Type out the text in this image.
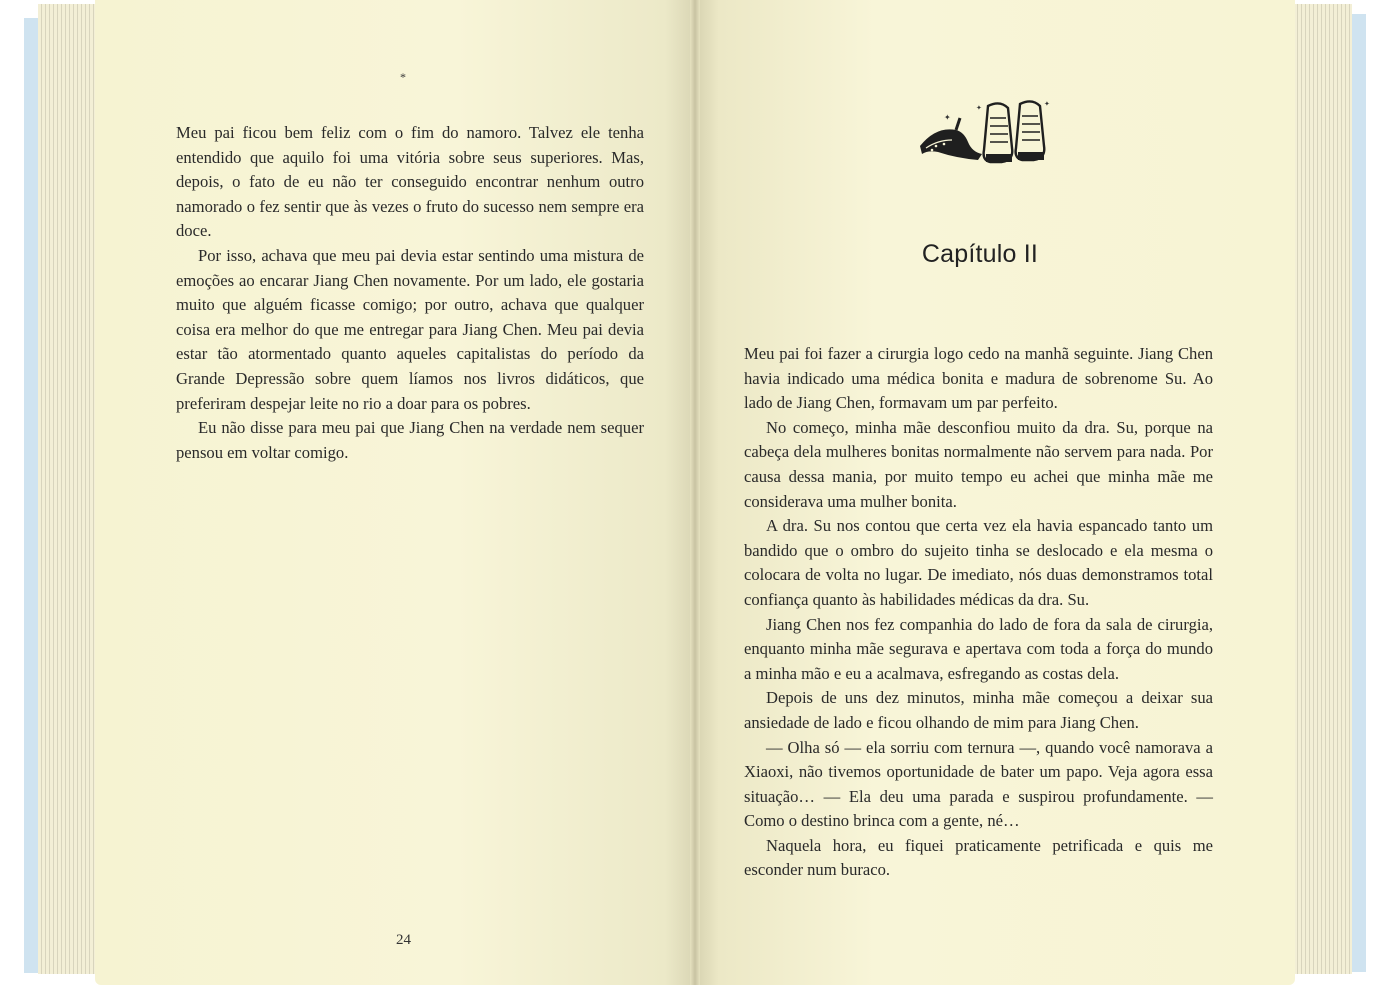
*

Meu pai ficou bem feliz com o fim do namoro. Talvez ele tenha entendido que aquilo foi uma vitória sobre seus superiores. Mas, depois, o fato de eu não ter conseguido encontrar nenhum outro namorado o fez sentir que às vezes o fruto do sucesso nem sempre era doce.

Por isso, achava que meu pai devia estar sentindo uma mistura de emoções ao encarar Jiang Chen novamente. Por um lado, ele gostaria muito que alguém ficasse comigo; por outro, achava que qualquer coisa era melhor do que me entregar para Jiang Chen. Meu pai devia estar tão atormentado quanto aqueles capitalistas do período da Grande Depressão sobre quem líamos nos livros didáticos, que preferiram despejar leite no rio a doar para os pobres.

Eu não disse para meu pai que Jiang Chen na verdade nem sequer pensou em voltar comigo.

24
✦
✦	✦
Capítulo II

Meu pai foi fazer a cirurgia logo cedo na manhã seguinte. Jiang Chen havia indicado uma médica bonita e madura de sobrenome Su. Ao lado de Jiang Chen, formavam um par perfeito.

No começo, minha mãe desconfiou muito da dra. Su, porque na cabeça dela mulheres bonitas normalmente não servem para nada. Por causa dessa mania, por muito tempo eu achei que minha mãe me considerava uma mulher bonita.

A dra. Su nos contou que certa vez ela havia espancado tanto um bandido que o ombro do sujeito tinha se deslocado e ela mesma o colocara de volta no lugar. De imediato, nós duas demonstramos total confiança quanto às habilidades médicas da dra. Su.

Jiang Chen nos fez companhia do lado de fora da sala de cirurgia, enquanto minha mãe segurava e apertava com toda a força do mundo a minha mão e eu a acalmava, esfregando as costas dela.

Depois de uns dez minutos, minha mãe começou a deixar sua ansiedade de lado e ficou olhando de mim para Jiang Chen.

— Olha só — ela sorriu com ternura —, quando você namorava a Xiaoxi, não tivemos oportunidade de bater um papo. Veja agora essa situação… — Ela deu uma parada e suspirou profundamente. — Como o destino brinca com a gente, né…

Naquela hora, eu fiquei praticamente petrificada e quis me esconder num buraco.
